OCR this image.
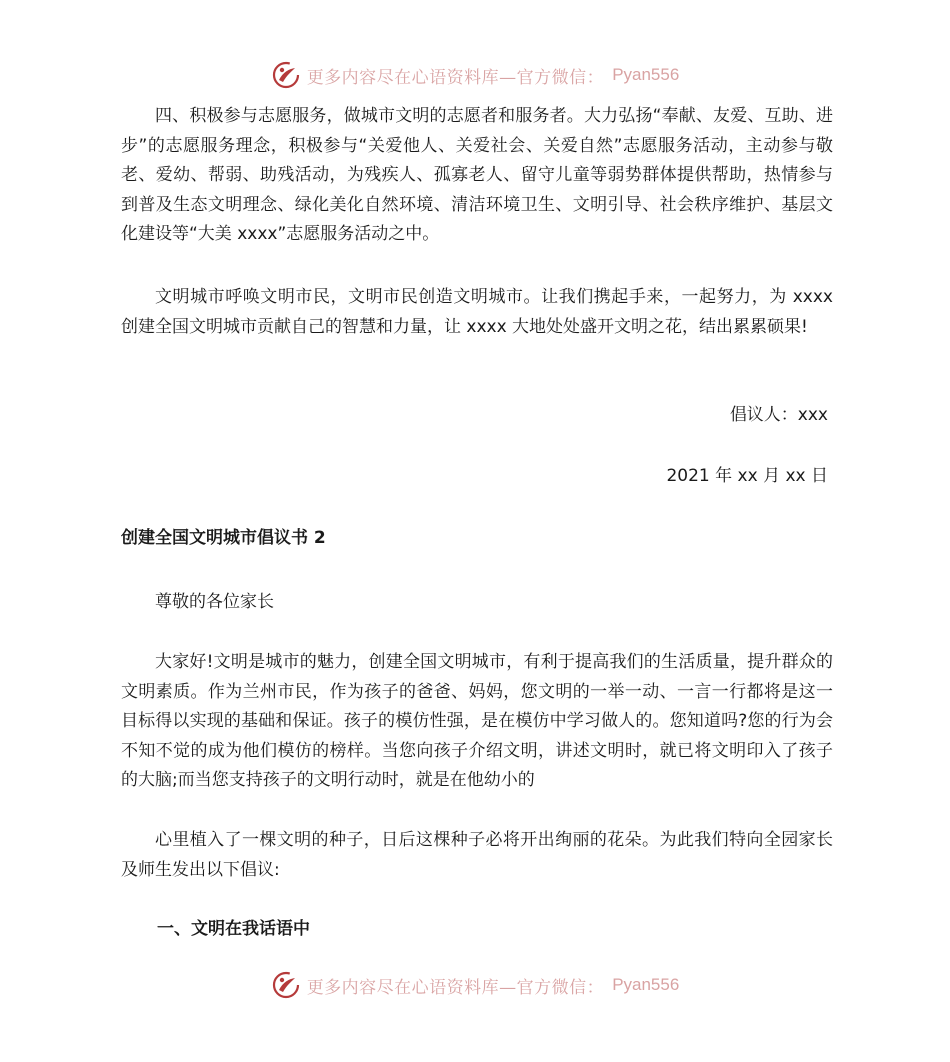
更多内容尽在心语资料库—官方微信： Pyan556

四、积极参与志愿服务，做城市文明的志愿者和服务者。大力弘扬“奉献、友爱、互助、进步”的志愿服务理念，积极参与“关爱他人、关爱社会、关爱自然”志愿服务活动，主动参与敬老、爱幼、帮弱、助残活动，为残疾人、孤寡老人、留守儿童等弱势群体提供帮助，热情参与到普及生态文明理念、绿化美化自然环境、清洁环境卫生、文明引导、社会秩序维护、基层文化建设等“大美 xxxx”志愿服务活动之中。

文明城市呼唤文明市民，文明市民创造文明城市。让我们携起手来，一起努力，为 xxxx 创建全国文明城市贡献自己的智慧和力量，让 xxxx 大地处处盛开文明之花，结出累累硕果!

倡议人：xxx

2021 年 xx 月 xx 日

创建全国文明城市倡议书 2

尊敬的各位家长

大家好!文明是城市的魅力，创建全国文明城市，有利于提高我们的生活质量，提升群众的文明素质。作为兰州市民，作为孩子的爸爸、妈妈，您文明的一举一动、一言一行都将是这一目标得以实现的基础和保证。孩子的模仿性强，是在模仿中学习做人的。您知道吗?您的行为会不知不觉的成为他们模仿的榜样。当您向孩子介绍文明，讲述文明时，就已将文明印入了孩子的大脑;而当您支持孩子的文明行动时，就是在他幼小的

心里植入了一棵文明的种子，日后这棵种子必将开出绚丽的花朵。为此我们特向全园家长及师生发出以下倡议:

一、文明在我话语中

更多内容尽在心语资料库—官方微信： Pyan556
